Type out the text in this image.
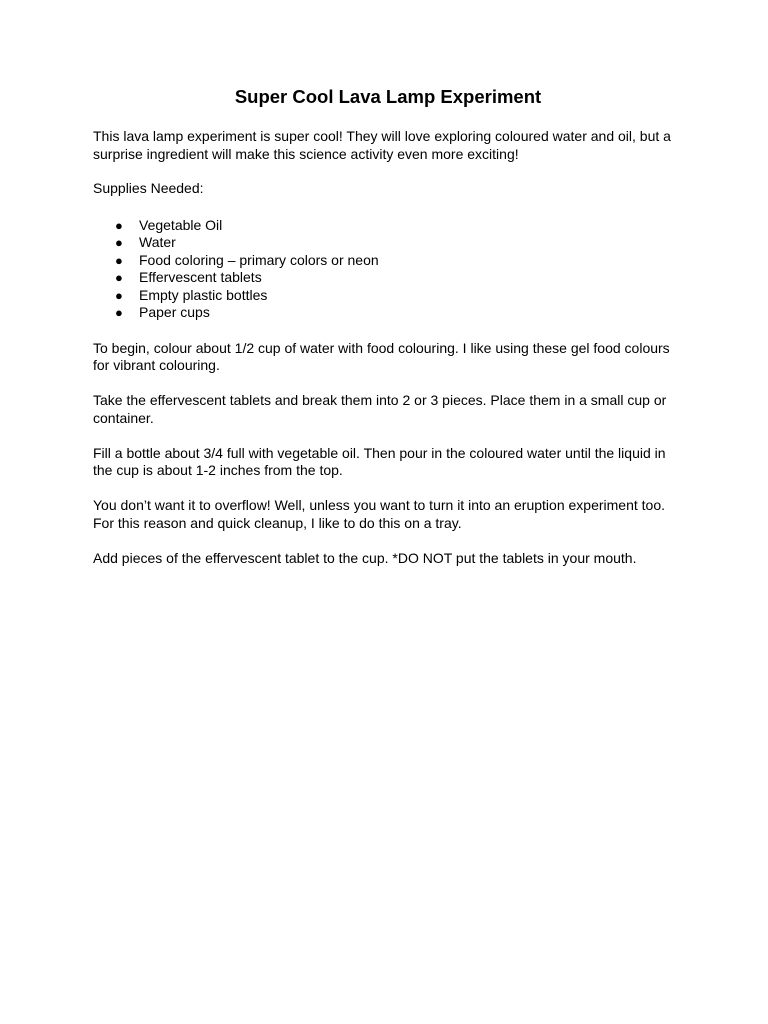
Super Cool Lava Lamp Experiment

This lava lamp experiment is super cool! They will love exploring coloured water and oil, but a surprise ingredient will make this science activity even more exciting!

Supplies Needed:

● Vegetable Oil
● Water
● Food coloring – primary colors or neon
● Effervescent tablets
● Empty plastic bottles
● Paper cups

To begin, colour about 1/2 cup of water with food colouring. I like using these gel food colours for vibrant colouring.

Take the effervescent tablets and break them into 2 or 3 pieces. Place them in a small cup or container.

Fill a bottle about 3/4 full with vegetable oil. Then pour in the coloured water until the liquid in the cup is about 1-2 inches from the top.

You don’t want it to overflow! Well, unless you want to turn it into an eruption experiment too. For this reason and quick cleanup, I like to do this on a tray.

Add pieces of the effervescent tablet to the cup. *DO NOT put the tablets in your mouth.
